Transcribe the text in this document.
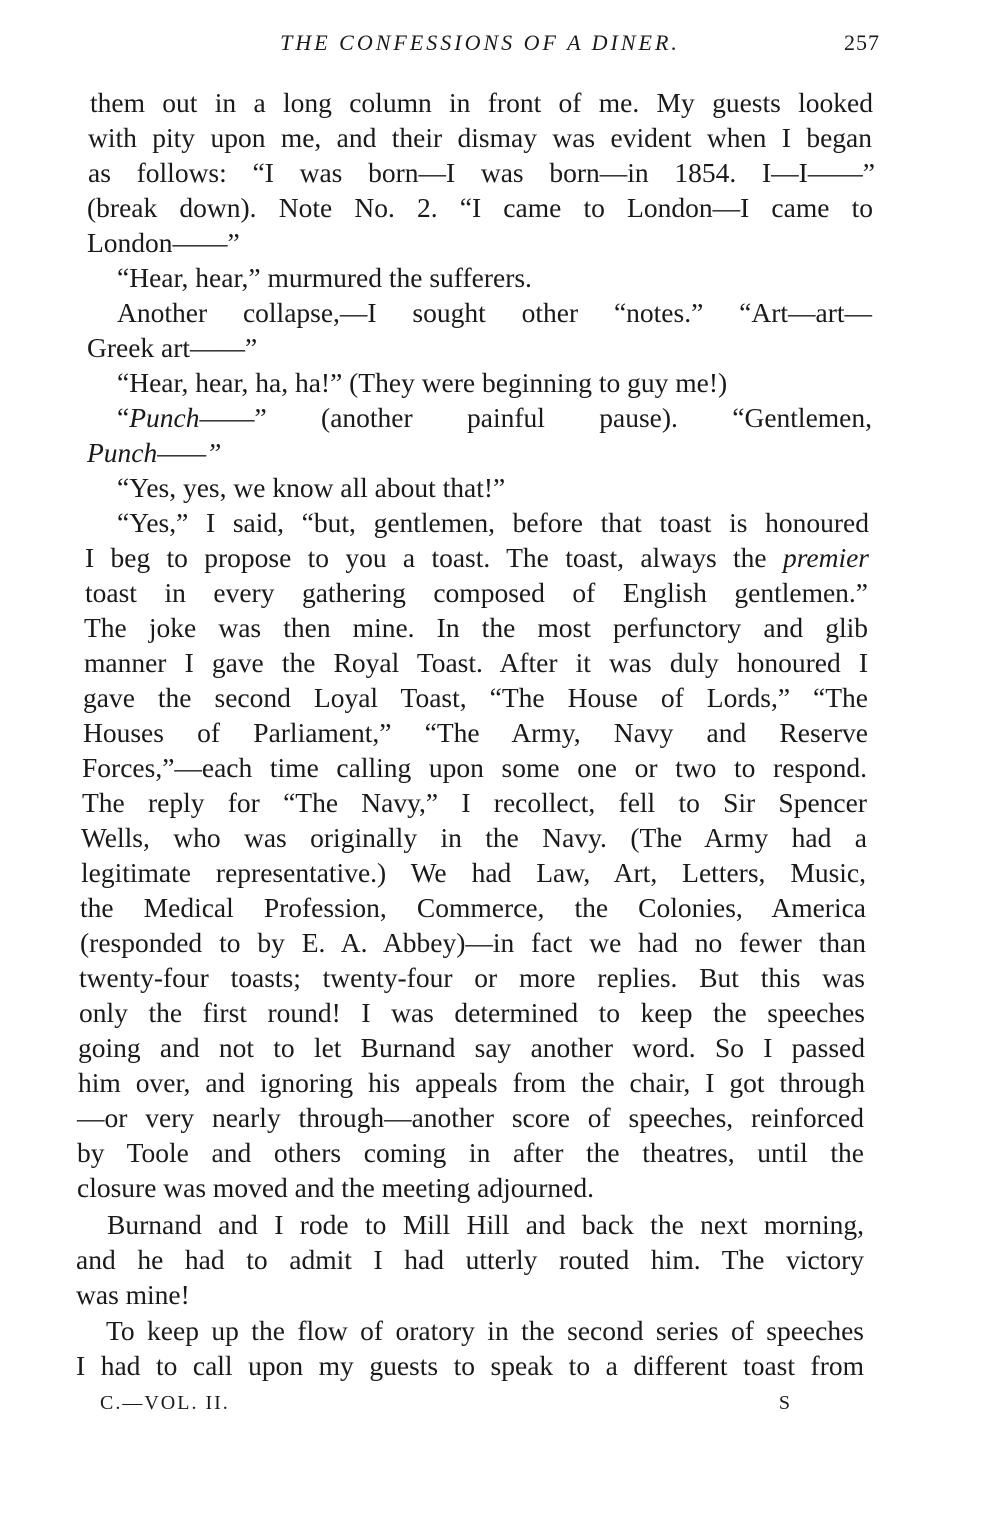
THE CONFESSIONS OF A DINER.	257

them out in a long column in front of me. My guests looked

with pity upon me, and their dismay was evident when I began

as follows: “I was born—I was born—in 1854. I—I——”

(break down). Note No. 2. “I came to London—I came to

London——”

“Hear, hear,” murmured the sufferers.

Another collapse,—I sought other “notes.” “Art—art—

Greek art——”

“Hear, hear, ha, ha!” (They were beginning to guy me!)

“Punch——” (another painful pause). “Gentlemen,

Punch——”

“Yes, yes, we know all about that!”

“Yes,” I said, “but, gentlemen, before that toast is honoured

I beg to propose to you a toast. The toast, always the premier

toast in every gathering composed of English gentlemen.”

The joke was then mine. In the most perfunctory and glib

manner I gave the Royal Toast. After it was duly honoured I

gave the second Loyal Toast, “The House of Lords,” “The

Houses of Parliament,” “The Army, Navy and Reserve

Forces,”—each time calling upon some one or two to respond.

The reply for “The Navy,” I recollect, fell to Sir Spencer

Wells, who was originally in the Navy. (The Army had a

legitimate representative.) We had Law, Art, Letters, Music,

the Medical Profession, Commerce, the Colonies, America

(responded to by E. A. Abbey)—in fact we had no fewer than

twenty-four toasts; twenty-four or more replies. But this was

only the first round! I was determined to keep the speeches

going and not to let Burnand say another word. So I passed

him over, and ignoring his appeals from the chair, I got through

—or very nearly through—another score of speeches, reinforced

by Toole and others coming in after the theatres, until the

closure was moved and the meeting adjourned.

Burnand and I rode to Mill Hill and back the next morning,

and he had to admit I had utterly routed him. The victory

was mine!

To keep up the flow of oratory in the second series of speeches

I had to call upon my guests to speak to a different toast from

C.—VOL. II.	S
